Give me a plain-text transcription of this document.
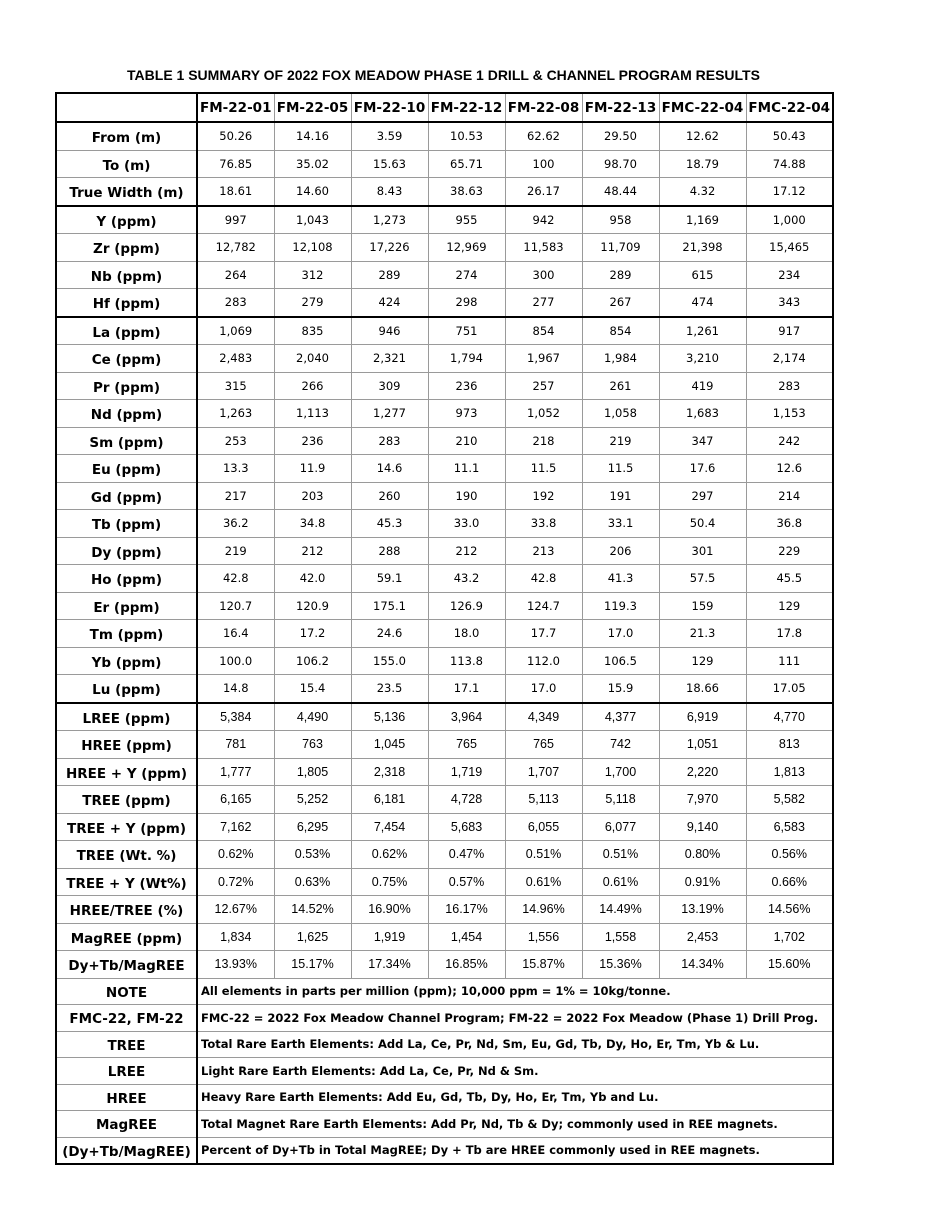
TABLE 1 SUMMARY OF 2022 FOX MEADOW PHASE 1 DRILL & CHANNEL PROGRAM RESULTS
	FM-22-01	FM-22-05	FM-22-10	FM-22-12	FM-22-08	FM-22-13	FMC-22-04	FMC-22-04
From (m)	50.26	14.16	3.59	10.53	62.62	29.50	12.62	50.43
To (m)	76.85	35.02	15.63	65.71	100	98.70	18.79	74.88
True Width (m)	18.61	14.60	8.43	38.63	26.17	48.44	4.32	17.12
Y (ppm)	997	1,043	1,273	955	942	958	1,169	1,000
Zr (ppm)	12,782	12,108	17,226	12,969	11,583	11,709	21,398	15,465
Nb (ppm)	264	312	289	274	300	289	615	234
Hf (ppm)	283	279	424	298	277	267	474	343
La (ppm)	1,069	835	946	751	854	854	1,261	917
Ce (ppm)	2,483	2,040	2,321	1,794	1,967	1,984	3,210	2,174
Pr (ppm)	315	266	309	236	257	261	419	283
Nd (ppm)	1,263	1,113	1,277	973	1,052	1,058	1,683	1,153
Sm (ppm)	253	236	283	210	218	219	347	242
Eu (ppm)	13.3	11.9	14.6	11.1	11.5	11.5	17.6	12.6
Gd (ppm)	217	203	260	190	192	191	297	214
Tb (ppm)	36.2	34.8	45.3	33.0	33.8	33.1	50.4	36.8
Dy (ppm)	219	212	288	212	213	206	301	229
Ho (ppm)	42.8	42.0	59.1	43.2	42.8	41.3	57.5	45.5
Er (ppm)	120.7	120.9	175.1	126.9	124.7	119.3	159	129
Tm (ppm)	16.4	17.2	24.6	18.0	17.7	17.0	21.3	17.8
Yb (ppm)	100.0	106.2	155.0	113.8	112.0	106.5	129	111
Lu (ppm)	14.8	15.4	23.5	17.1	17.0	15.9	18.66	17.05
LREE (ppm)	5,384	4,490	5,136	3,964	4,349	4,377	6,919	4,770
HREE (ppm)	781	763	1,045	765	765	742	1,051	813
HREE + Y (ppm)	1,777	1,805	2,318	1,719	1,707	1,700	2,220	1,813
TREE (ppm)	6,165	5,252	6,181	4,728	5,113	5,118	7,970	5,582
TREE + Y (ppm)	7,162	6,295	7,454	5,683	6,055	6,077	9,140	6,583
TREE (Wt. %)	0.62%	0.53%	0.62%	0.47%	0.51%	0.51%	0.80%	0.56%
TREE + Y (Wt%)	0.72%	0.63%	0.75%	0.57%	0.61%	0.61%	0.91%	0.66%
HREE/TREE (%)	12.67%	14.52%	16.90%	16.17%	14.96%	14.49%	13.19%	14.56%
MagREE (ppm)	1,834	1,625	1,919	1,454	1,556	1,558	2,453	1,702
Dy+Tb/MagREE	13.93%	15.17%	17.34%	16.85%	15.87%	15.36%	14.34%	15.60%
NOTE	All elements in parts per million (ppm); 10,000 ppm = 1% = 10kg/tonne.							
FMC-22, FM-22	FMC-22 = 2022 Fox Meadow Channel Program; FM-22 = 2022 Fox Meadow (Phase 1) Drill Prog.							
TREE	Total Rare Earth Elements: Add La, Ce, Pr, Nd, Sm, Eu, Gd, Tb, Dy, Ho, Er, Tm, Yb & Lu.							
LREE	Light Rare Earth Elements: Add La, Ce, Pr, Nd & Sm.							
HREE	Heavy Rare Earth Elements: Add Eu, Gd, Tb, Dy, Ho, Er, Tm, Yb and Lu.							
MagREE	Total Magnet Rare Earth Elements: Add Pr, Nd, Tb & Dy; commonly used in REE magnets.							
(Dy+Tb/MagREE)	Percent of Dy+Tb in Total MagREE; Dy + Tb are HREE commonly used in REE magnets.							
